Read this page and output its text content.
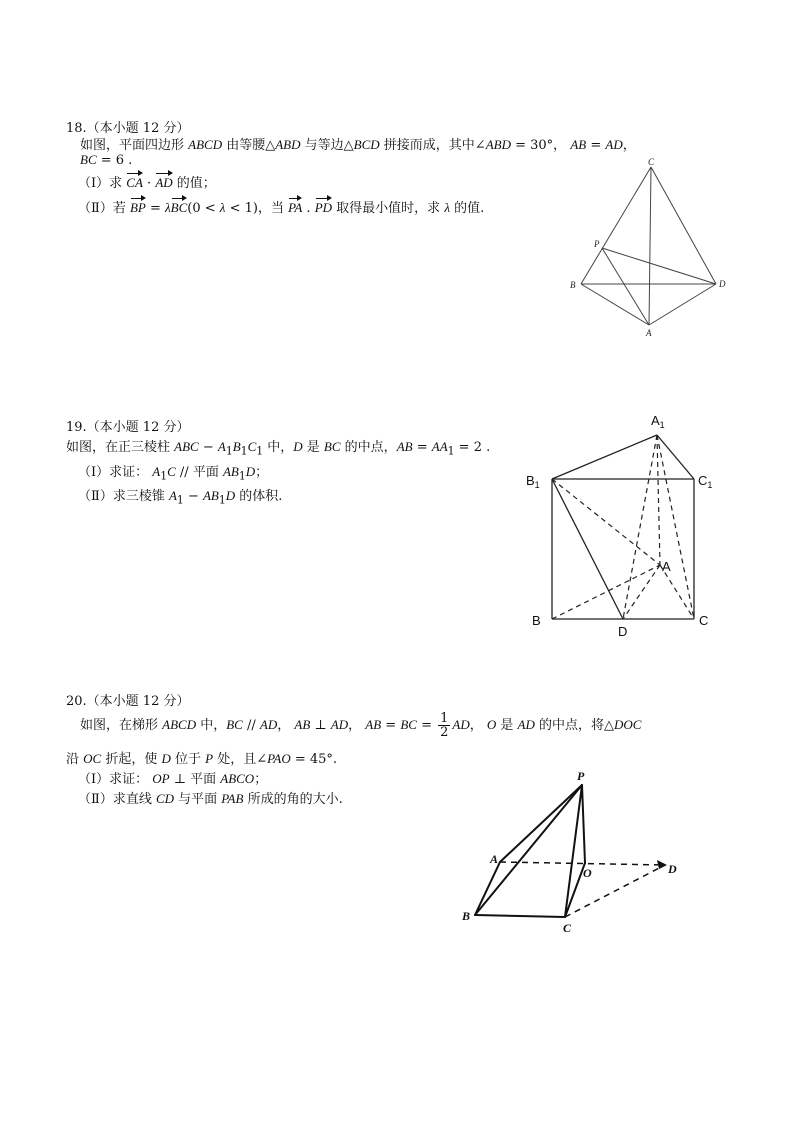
18.（本小题 12 分）
如图，平面四边形 ABCD 由等腰△ABD 与等边△BCD 拼接而成，其中∠ABD = 30°， AB = AD，
BC = 6 .
（Ⅰ）求 CA · AD 的值；
（Ⅱ）若 BP = λBC(0 < λ < 1)，当 PA . PD 取得最小值时，求 λ 的值.
C
P
B	D
A
19.（本小题 12 分）
如图，在正三棱柱 ABC − $A_1B_1C_1$ 中，D 是 BC 的中点，AB = $AA_1 = 2$ .
（Ⅰ）求证： $A_1C$ // 平面 $AB_1D$；
（Ⅱ）求三棱锥 $A_1 - AB_1D$ 的体积.
$A_1$
$B_1$	$C_1$
A
B
D
C
20.（本小题 12 分）
如图，在梯形 ABCD 中，BC // AD， AB ⊥ AD， AB = BC = $\frac{1}{2}$ AD， O 是 AD 的中点，将△DOC
沿 OC 折起，使 D 位于 P 处，且∠PAO = 45°.
（Ⅰ）求证： OP ⊥ 平面 ABCO；
（Ⅱ）求直线 CD 与平面 PAB 所成的角的大小.
P
A
O	D
B
C
